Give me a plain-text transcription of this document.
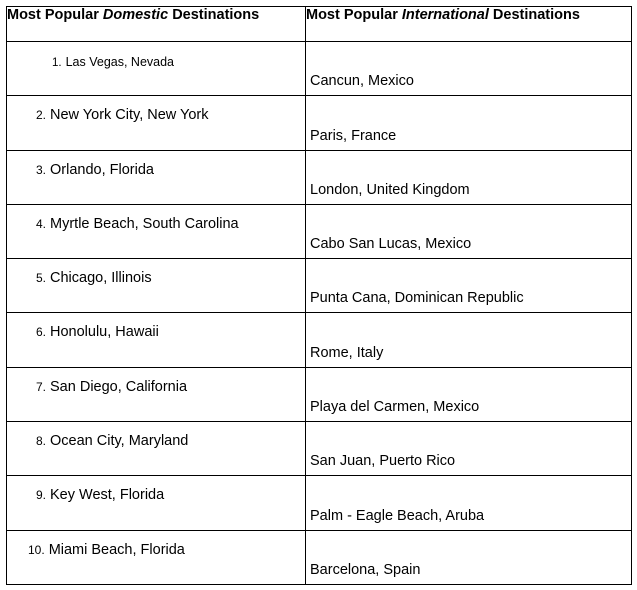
Most Popular Domestic Destinations	Most Popular International Destinations

1. Las Vegas, Nevada	Cancun, Mexico

2. New York City, New York	Paris, France

3. Orlando, Florida	London, United Kingdom

4. Myrtle Beach, South Carolina	Cabo San Lucas, Mexico

5. Chicago, Illinois	Punta Cana, Dominican Republic

6. Honolulu, Hawaii	Rome, Italy

7. San Diego, California	Playa del Carmen, Mexico

8. Ocean City, Maryland	San Juan, Puerto Rico

9. Key West, Florida	Palm - Eagle Beach, Aruba

10. Miami Beach, Florida	Barcelona, Spain
